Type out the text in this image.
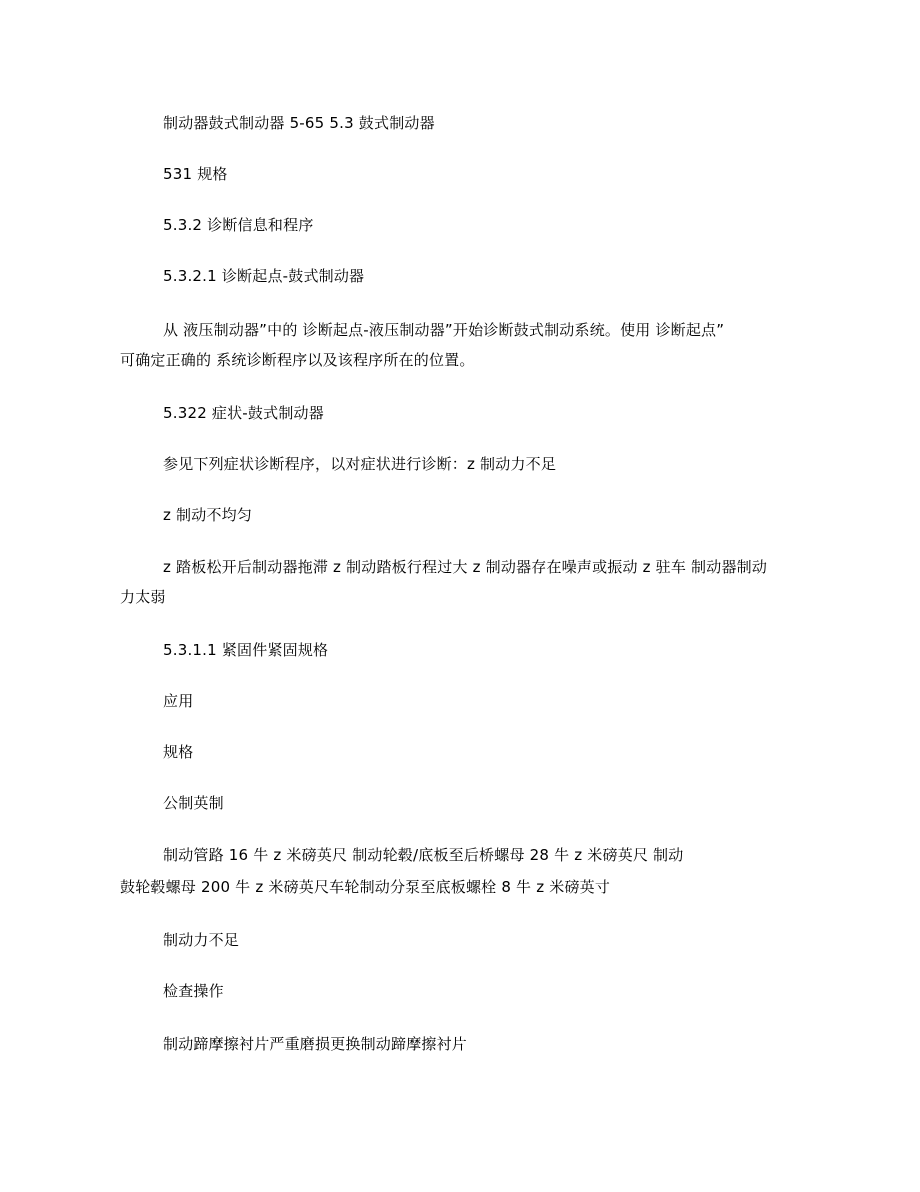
制动器鼓式制动器 5-65 5.3 鼓式制动器
531 规格
5.3.2 诊断信息和程序
5.3.2.1 诊断起点-鼓式制动器
从 液压制动器”中的 诊断起点-液压制动器”开始诊断鼓式制动系统。使用 诊断起点”
可确定正确的 系统诊断程序以及该程序所在的位置。
5.322 症状-鼓式制动器
参见下列症状诊断程序，以对症状进行诊断：z 制动力不足
z 制动不均匀
z 踏板松开后制动器拖滞 z 制动踏板行程过大 z 制动器存在噪声或振动 z 驻车 制动器制动
力太弱
5.3.1.1 紧固件紧固规格
应用
规格
公制英制
制动管路 16 牛 z 米磅英尺 制动轮毂/底板至后桥螺母 28 牛 z 米磅英尺 制动
鼓轮毂螺母 200 牛 z 米磅英尺车轮制动分泵至底板螺栓 8 牛 z 米磅英寸
制动力不足
检查操作
制动蹄摩擦衬片严重磨损更换制动蹄摩擦衬片
